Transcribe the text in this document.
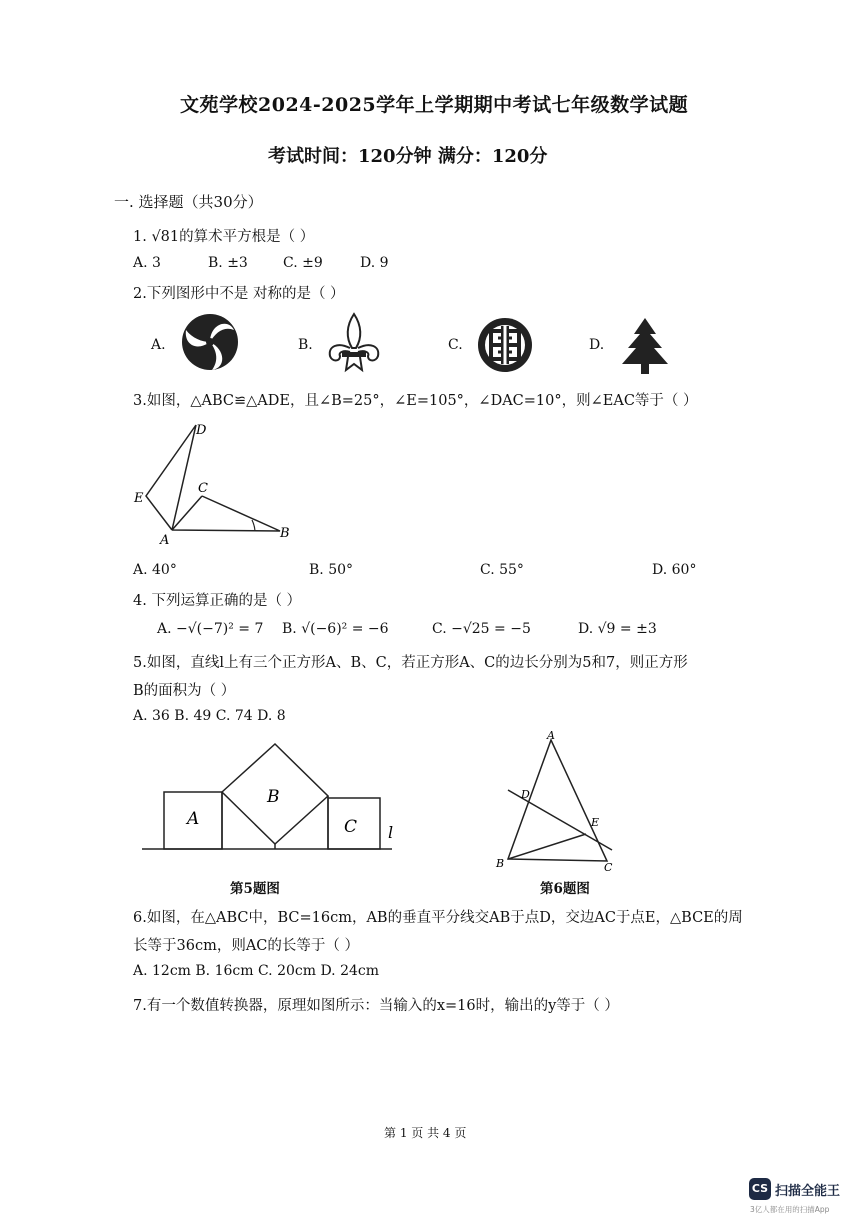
文苑学校2024-2025学年上学期期中考试七年级数学试题
考试时间：120分钟 满分：120分
一. 选择题（共30分）
1. √81的算术平方根是（ ）
A. 3	B. ±3	C. ±9	D. 9
2.下列图形中不是 对称的是（ ）
A.	B.	C.	D.
3.如图，△ABC≌△ADE，且∠B=25°，∠E=105°，∠DAC=10°，则∠EAC等于（ ）
D
E
C
A	B
A. 40°	B. 50°	C. 55°	D. 60°
4. 下列运算正确的是（ ）
A. −√(−7)² = 7 B. √(−6)² = −6	C. −√25 = −5	D. √9 = ±3
5.如图，直线l上有三个正方形A、B、C，若正方形A、C的边长分别为5和7，则正方形
B的面积为（ ）
A. 36 B. 49 C. 74 D. 8
A
B
C l
第5题图
A
D
E
B	C
第6题图
6.如图，在△ABC中，BC=16cm，AB的垂直平分线交AB于点D，交边AC于点E，△BCE的周
长等于36cm，则AC的长等于（ ）
A. 12cm B. 16cm C. 20cm D. 24cm
7.有一个数值转换器，原理如图所示：当输入的x=16时，输出的y等于（ ）
第 1 页 共 4 页
CS 扫描全能王
3亿人都在用的扫描App
